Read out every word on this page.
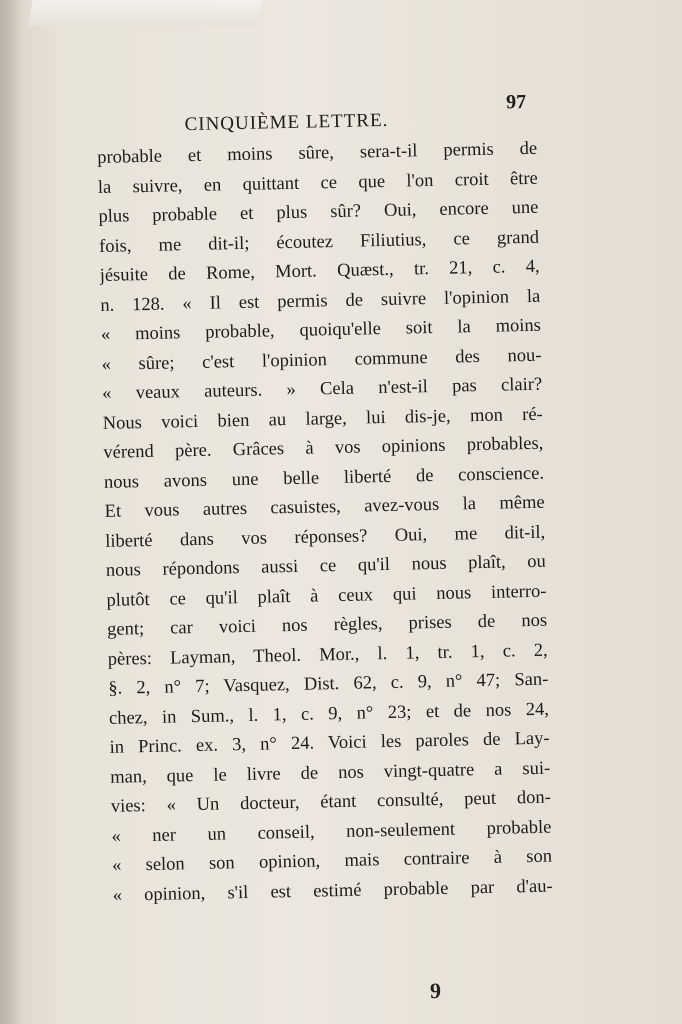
CINQUIÈME LETTRE.
97
probable et moins sûre, sera-t-il permis de
la suivre, en quittant ce que l'on croit être
plus probable et plus sûr? Oui, encore une
fois, me dit-il; écoutez Filiutius, ce grand
jésuite de Rome, Mort. Quæst., tr. 21, c. 4,
n. 128. « Il est permis de suivre l'opinion la
« moins probable, quoiqu'elle soit la moins
« sûre; c'est l'opinion commune des nou-
« veaux auteurs. » Cela n'est-il pas clair?
Nous voici bien au large, lui dis-je, mon ré-
vérend père. Grâces à vos opinions probables,
nous avons une belle liberté de conscience.
Et vous autres casuistes, avez-vous la même
liberté dans vos réponses? Oui, me dit-il,
nous répondons aussi ce qu'il nous plaît, ou
plutôt ce qu'il plaît à ceux qui nous interro-
gent; car voici nos règles, prises de nos
pères: Layman, Theol. Mor., l. 1, tr. 1, c. 2,
§. 2, n° 7; Vasquez, Dist. 62, c. 9, n° 47; San-
chez, in Sum., l. 1, c. 9, n° 23; et de nos 24,
in Princ. ex. 3, n° 24. Voici les paroles de Lay-
man, que le livre de nos vingt-quatre a sui-
vies: « Un docteur, étant consulté, peut don-
« ner un conseil, non-seulement probable
« selon son opinion, mais contraire à son
« opinion, s'il est estimé probable par d'au-
9
